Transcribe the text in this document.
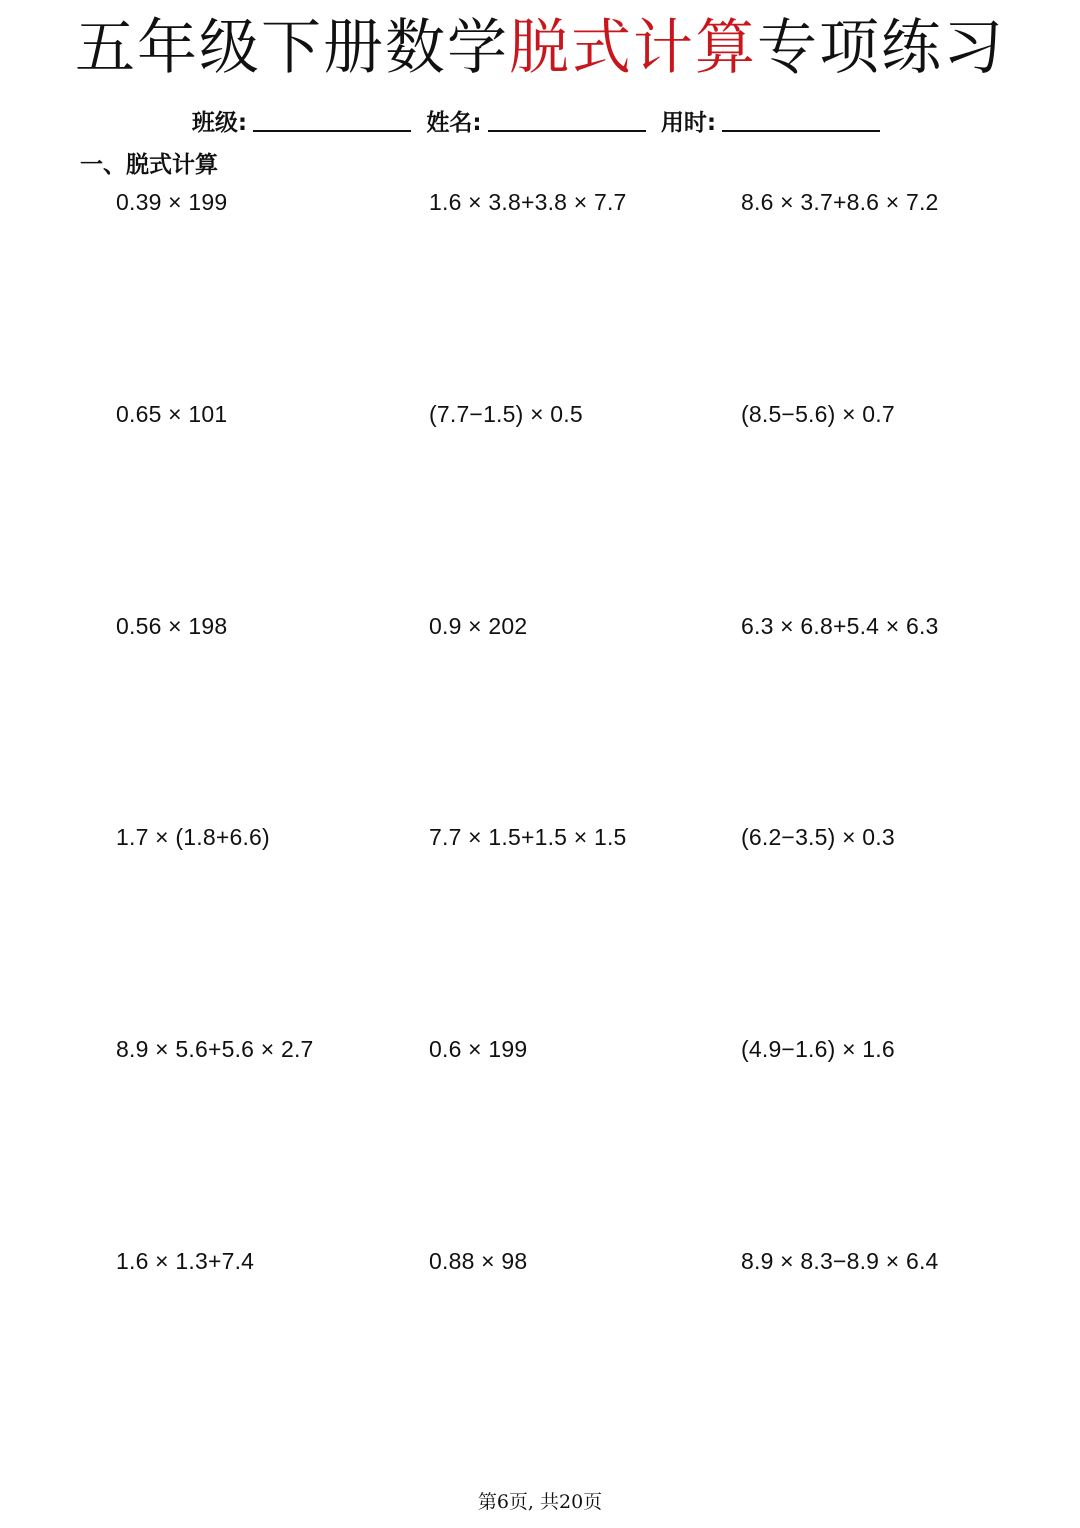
五年级下册数学脱式计算专项练习
班级:	姓名:	用时:
一、脱式计算
0.39 × 199	1.6 × 3.8+3.8 × 7.7	8.6 × 3.7+8.6 × 7.2
0.65 × 101	(7.7−1.5) × 0.5	(8.5−5.6) × 0.7
0.56 × 198	0.9 × 202	6.3 × 6.8+5.4 × 6.3
1.7 × (1.8+6.6)	7.7 × 1.5+1.5 × 1.5	(6.2−3.5) × 0.3
8.9 × 5.6+5.6 × 2.7	0.6 × 199	(4.9−1.6) × 1.6
1.6 × 1.3+7.4	0.88 × 98	8.9 × 8.3−8.9 × 6.4
第6页, 共20页
